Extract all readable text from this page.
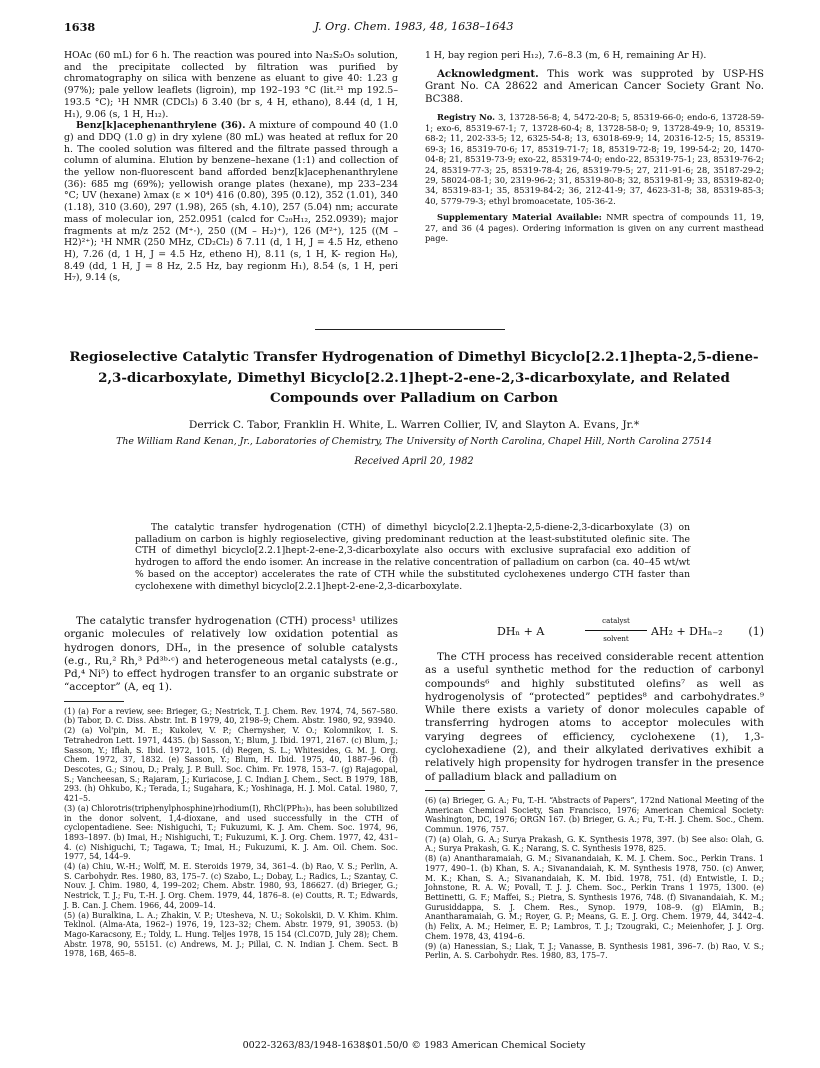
1638	J. Org. Chem. 1983, 48, 1638–1643

HOAc (60 mL) for 6 h. The reaction was poured into Na₂S₂O₅ solution, and the precipitate collected by filtration was purified by chromatography on silica with benzene as eluant to give 40: 1.23 g (97%); pale yellow leaflets (ligroin), mp 192–193 °C (lit.²¹ mp 192.5–193.5 °C); ¹H NMR (CDCl₃) δ 3.40 (br s, 4 H, ethano), 8.44 (d, 1 H, H₁), 9.06 (s, 1 H, H₁₂).

Benz[k]acephenanthrylene (36). A mixture of compound 40 (1.0 g) and DDQ (1.0 g) in dry xylene (80 mL) was heated at reflux for 20 h. The cooled solution was filtered and the filtrate passed through a column of alumina. Elution by benzene–hexane (1:1) and collection of the yellow non-fluorescent band afforded benz[k]acephenanthrylene (36): 685 mg (69%); yellowish orange plates (hexane), mp 233–234 °C; UV (hexane) λmax (ε × 10⁴) 416 (0.80), 395 (0.12), 352 (1.01), 340 (1.18), 310 (3.60), 297 (1.98), 265 (sh, 4.10), 257 (5.04) nm; accurate mass of molecular ion, 252.0951 (calcd for C₂₀H₁₂, 252.0939); major fragments at m/z 252 (M⁺·), 250 ((M – H₂)⁺), 126 (M²⁺), 125 ((M – H2)²⁺); ¹H NMR (250 MHz, CD₂Cl₂) δ 7.11 (d, 1 H, J = 4.5 Hz, etheno H), 7.26 (d, 1 H, J = 4.5 Hz, etheno H), 8.11 (s, 1 H, K- region H₆), 8.49 (dd, 1 H, J = 8 Hz, 2.5 Hz, bay regionm H₁), 8.54 (s, 1 H, peri H₇), 9.14 (s,

1 H, bay region peri H₁₂), 7.6–8.3 (m, 6 H, remaining Ar H).

Acknowledgment. This work was supproted by USP-HS Grant No. CA 28622 and American Cancer Society Grant No. BC388.

Registry No. 3, 13728-56-8; 4, 5472-20-8; 5, 85319-66-0; endo-6, 13728-59-1; exo-6, 85319-67-1; 7, 13728-60-4; 8, 13728-58-0; 9, 13728-49-9; 10, 85319-68-2; 11, 202-33-5; 12, 6325-54-8; 13, 63018-69-9; 14, 20316-12-5; 15, 85319-69-3; 16, 85319-70-6; 17, 85319-71-7; 18, 85319-72-8; 19, 199-54-2; 20, 1470-04-8; 21, 85319-73-9; exo-22, 85319-74-0; endo-22, 85319-75-1; 23, 85319-76-2; 24, 85319-77-3; 25, 85319-78-4; 26, 85319-79-5; 27, 211-91-6; 28, 35187-29-2; 29, 58024-08-1; 30, 2319-96-2; 31, 85319-80-8; 32, 85319-81-9; 33, 85319-82-0; 34, 85319-83-1; 35, 85319-84-2; 36, 212-41-9; 37, 4623-31-8; 38, 85319-85-3; 40, 5779-79-3; ethyl bromoacetate, 105-36-2.

Supplementary Material Available: NMR spectra of compounds 11, 19, 27, and 36 (4 pages). Ordering information is given on any current masthead page.

Regioselective Catalytic Transfer Hydrogenation of Dimethyl Bicyclo[2.2.1]hepta-2,5-diene-2,3-dicarboxylate, Dimethyl Bicyclo[2.2.1]hept-2-ene-2,3-dicarboxylate, and Related Compounds over Palladium on Carbon
Derrick C. Tabor, Franklin H. White, L. Warren Collier, IV, and Slayton A. Evans, Jr.*
The William Rand Kenan, Jr., Laboratories of Chemistry, The University of North Carolina, Chapel Hill, North Carolina 27514
Received April 20, 1982
The catalytic transfer hydrogenation (CTH) of dimethyl bicyclo[2.2.1]hepta-2,5-diene-2,3-dicarboxylate (3) on palladium on carbon is highly regioselective, giving predominant reduction at the least-substituted olefinic site. The CTH of dimethyl bicyclo[2.2.1]hept-2-ene-2,3-dicarboxylate also occurs with exclusive suprafacial exo addition of hydrogen to afford the endo isomer. An increase in the relative concentration of palladium on carbon (ca. 40–45 wt/wt % based on the acceptor) accelerates the rate of CTH while the substituted cyclohexenes undergo CTH faster than cyclohexene with dimethyl bicyclo[2.2.1]hept-2-ene-2,3-dicarboxylate.

The catalytic transfer hydrogenation (CTH) process¹ utilizes organic molecules of relatively low oxidation potential as hydrogen donors, DHₙ, in the presence of soluble catalysts (e.g., Ru,² Rh,³ Pd³ᵇ·ᶜ) and heterogeneous metal catalysts (e.g., Pd,⁴ Ni⁵) to effect hydrogen transfer to an organic substrate or “acceptor” (A, eq 1).

(1) (a) For a review, see: Brieger, G.; Nestrick, T. J. Chem. Rev. 1974, 74, 567–580. (b) Tabor, D. C. Diss. Abstr. Int. B 1979, 40, 2198–9; Chem. Abstr. 1980, 92, 93940.
(2) (a) Vol'pin, M. E.; Kukolev, V. P.; Chernysher, V. O.; Kolomnikov, I. S. Tetrahedron Lett. 1971, 4435. (b) Sasson, Y.; Blum, J. Ibid. 1971, 2167. (c) Blum, J.; Sasson, Y.; Iflah, S. Ibid. 1972, 1015. (d) Regen, S. L.; Whitesides, G. M. J. Org. Chem. 1972, 37, 1832. (e) Sasson, Y.; Blum, H. Ibid. 1975, 40, 1887–96. (f) Descotes, G.; Sinou, D.; Praly, J. P. Bull. Soc. Chim. Fr. 1978, 153–7. (g) Rajagopal, S.; Vancheesan, S.; Rajaram, J.; Kuriacose, J. C. Indian J. Chem., Sect. B 1979, 18B, 293. (h) Ohkubo, K.; Terada, I.; Sugahara, K.; Yoshinaga, H. J. Mol. Catal. 1980, 7, 421–5.
(3) (a) Chlorotris(triphenylphosphine)rhodium(I), RhCl(PPh₃)₃, has been solubilized in the donor solvent, 1,4-dioxane, and used successfully in the CTH of cyclopentadiene. See: Nishiguchi, T.; Fukuzumi, K. J. Am. Chem. Soc. 1974, 96, 1893–1897. (b) Imai, H.; Nishiguchi, T.; Fukuzumi, K. J. Org. Chem. 1977, 42, 431–4. (c) Nishiguchi, T.; Tagawa, T.; Imai, H.; Fukuzumi, K. J. Am. Oil. Chem. Soc. 1977, 54, 144–9.
(4) (a) Chiu, W.-H.; Wolff, M. E. Steroids 1979, 34, 361–4. (b) Rao, V. S.; Perlin, A. S. Carbohydr. Res. 1980, 83, 175–7. (c) Szabo, L.; Dobay, L.; Radics, L.; Szantay, C. Nouv. J. Chim. 1980, 4, 199–202; Chem. Abstr. 1980, 93, 186627. (d) Brieger, G.; Nestrick, T. J.; Fu, T.-H. J. Org. Chem. 1979, 44, 1876–8. (e) Coutts, R. T.; Edwards, J. B. Can. J. Chem. 1966, 44, 2009–14.
(5) (a) Buralkina, L. A.; Zhakin, V. P.; Utesheva, N. U.; Sokolskii, D. V. Khim. Khim. Teklnol. (Alma-Ata, 1962–) 1976, 19, 123–32; Chem. Abstr. 1979, 91, 39053. (b) Mago-Karacsony, E.; Toldy, L. Hung. Teljes 1978, 15 154 (Cl.C07D, July 28); Chem. Abstr. 1978, 90, 55151. (c) Andrews, M. J.; Pillai, C. N. Indian J. Chem. Sect. B 1978, 16B, 465–8.
DHₙ + A
catalyst
solvent
AH₂ + DHₙ₋₂ (1)

The CTH process has received considerable recent attention as a useful synthetic method for the reduction of carbonyl compounds⁶ and highly substituted olefins⁷ as well as hydrogenolysis of “protected” peptides⁸ and carbohydrates.⁹ While there exists a variety of donor molecules capable of transferring hydrogen atoms to acceptor molecules with varying degrees of efficiency, cyclohexene (1), 1,3-cyclohexadiene (2), and their alkylated derivatives exhibit a relatively high propensity for hydrogen transfer in the presence of palladium black and palladium on

(6) (a) Brieger, G. A.; Fu, T.-H. “Abstracts of Papers”, 172nd National Meeting of the American Chemical Society, San Francisco, 1976; American Chemical Society: Washington, DC, 1976; ORGN 167. (b) Brieger, G. A.; Fu, T.-H. J. Chem. Soc., Chem. Commun. 1976, 757.
(7) (a) Olah, G. A.; Surya Prakash, G. K. Synthesis 1978, 397. (b) See also: Olah, G. A.; Surya Prakash, G. K.; Narang, S. C. Synthesis 1978, 825.
(8) (a) Anantharamaiah, G. M.; Sivanandaiah, K. M. J. Chem. Soc., Perkin Trans. 1 1977, 490–1. (b) Khan, S. A.; Sivanandaiah, K. M. Synthesis 1978, 750. (c) Anwer, M. K.; Khan, S. A.; Sivanandaiah, K. M. Ibid. 1978, 751. (d) Entwistle, I. D.; Johnstone, R. A. W.; Povall, T. J. J. Chem. Soc., Perkin Trans 1 1975, 1300. (e) Bettinetti, G. F.; Maffei, S.; Pietra, S. Synthesis 1976, 748. (f) Sivanandaiah, K. M.; Gurusiddappa, S. J. Chem. Res., Synop. 1979, 108–9. (g) ElAmin, B.; Anantharamaiah, G. M.; Royer, G. P.; Means, G. E. J. Org. Chem. 1979, 44, 3442–4. (h) Felix, A. M.; Heimer, E. P.; Lambros, T. J.; Tzougraki, C.; Meienhofer, J. J. Org. Chem. 1978, 43, 4194–6.
(9) (a) Hanessian, S.; Liak, T. J.; Vanasse, B. Synthesis 1981, 396–7. (b) Rao, V. S.; Perlin, A. S. Carbohydr. Res. 1980, 83, 175–7.
0022-3263/83/1948-1638$01.50/0 © 1983 American Chemical Society
